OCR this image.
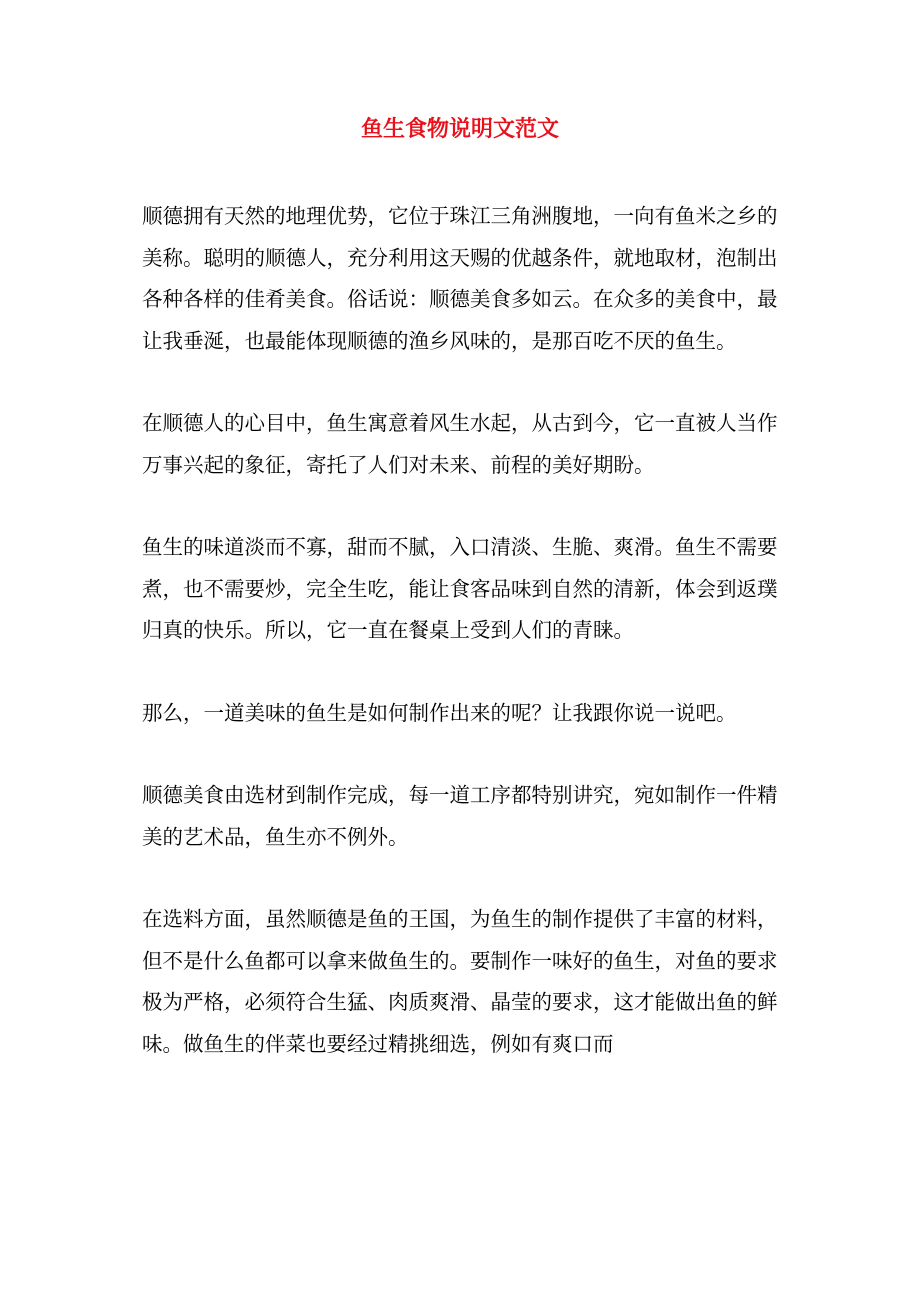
鱼生食物说明文范文

顺德拥有天然的地理优势，它位于珠江三角洲腹地，一向有鱼米之乡的美称。聪明的顺德人，充分利用这天赐的优越条件，就地取材，泡制出各种各样的佳肴美食。俗话说：顺德美食多如云。在众多的美食中，最让我垂涎，也最能体现顺德的渔乡风味的，是那百吃不厌的鱼生。

在顺德人的心目中，鱼生寓意着风生水起，从古到今，它一直被人当作万事兴起的象征，寄托了人们对未来、前程的美好期盼。

鱼生的味道淡而不寡，甜而不腻，入口清淡、生脆、爽滑。鱼生不需要煮，也不需要炒，完全生吃，能让食客品味到自然的清新，体会到返璞归真的快乐。所以，它一直在餐桌上受到人们的青睐。

那么，一道美味的鱼生是如何制作出来的呢？让我跟你说一说吧。

顺德美食由选材到制作完成，每一道工序都特别讲究，宛如制作一件精美的艺术品，鱼生亦不例外。

在选料方面，虽然顺德是鱼的王国，为鱼生的制作提供了丰富的材料，但不是什么鱼都可以拿来做鱼生的。要制作一味好的鱼生，对鱼的要求极为严格，必须符合生猛、肉质爽滑、晶莹的要求，这才能做出鱼的鲜味。做鱼生的伴菜也要经过精挑细选，例如有爽口而
